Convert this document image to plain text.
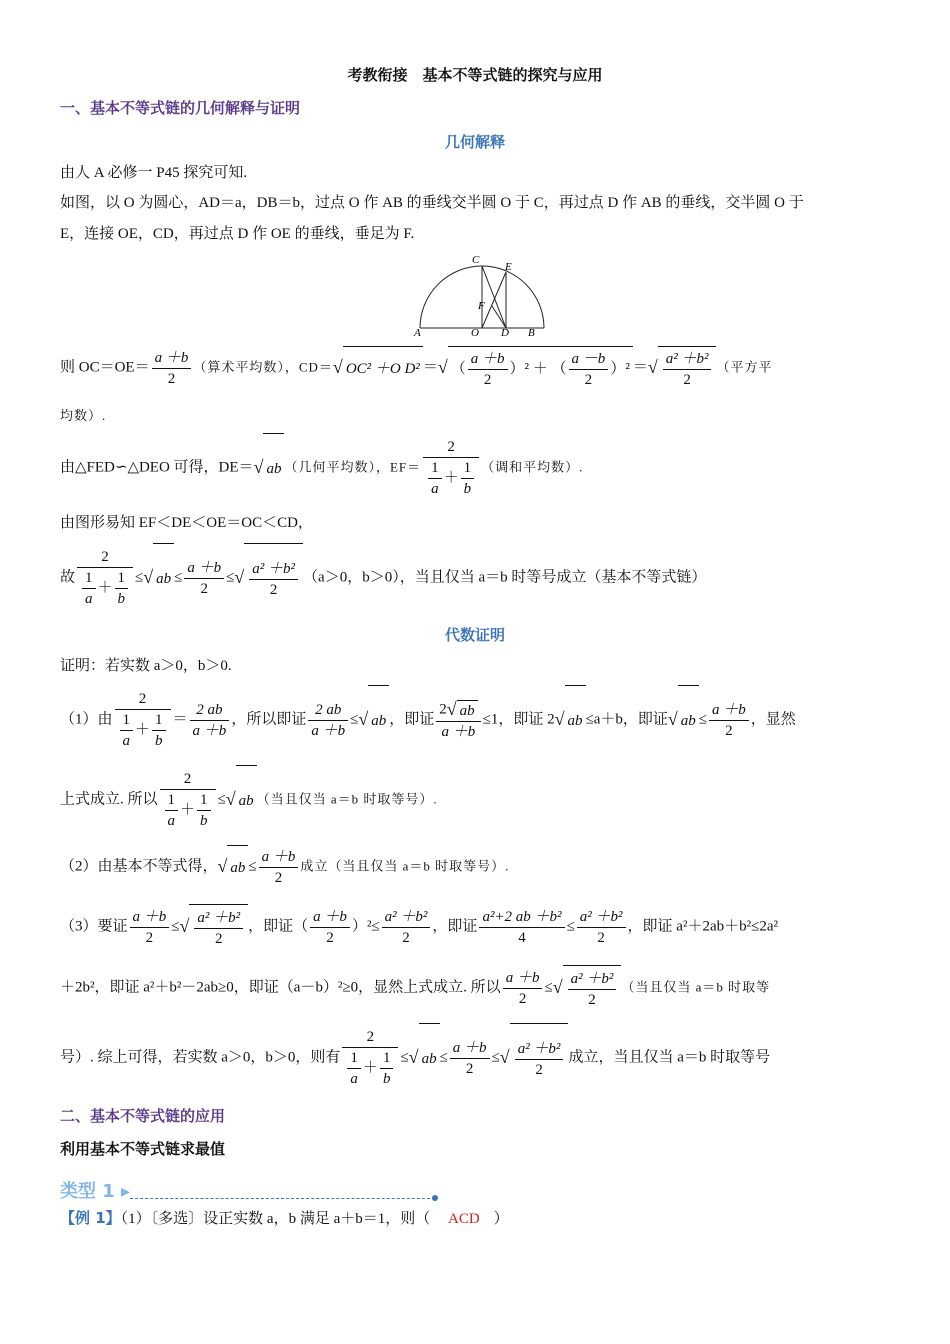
考教衔接　基本不等式链的探究与应用
一、基本不等式链的几何解释与证明
几何解释
由人 A 必修一 P45 探究可知.
如图，以 O 为圆心，AD＝a，DB＝b，过点 O 作 AB 的垂线交半圆 O 于 C，再过点 D 作 AB 的垂线，交半圆 O 于
E，连接 OE，CD，再过点 D 作 OE 的垂线，垂足为 F.
A	O D B
C
E
F
则 $OC=OE= \frac{a +b}{2}$ （算术平均数），CD＝√ OC² ＋O D² ＝√ （ $\frac{a +b}{2} )^2$ ＋ （ $\frac{a -b}{2} )^2$ ＝√ $\frac{\text{a² ＋b²}}{2}$ （平方平
均数）.
由△FED∽△DEO 可得，DE＝√ ab （几何平均数），$EF= \frac{2}{\frac{1}{a} + \frac{1}{b}}$ （调和平均数）.
由图形易知 EF＜DE＜OE＝OC＜CD，
故 $\frac{2}{\frac{1}{a} + \frac{1}{b}}$ ≤√ ab ≤ $\frac{a +b}{2}$ ≤√ $\frac{\text{a² ＋b²}}{2} (a>0$，b＞0），当且仅当 a＝b 时等号成立（基本不等式链）
代数证明
证明：若实数 a＞0，b＞0.
（1）由 $\frac{2}{\frac{1}{a} + \frac{1}{b}} = \frac{2 ab}{a +b}$ ，所以即证 $\frac{2 ab}{a +b}$ ≤√ ab ，即证 $\frac{2√ ab}{a +b} \le 1$，即证 2√ ab ≤a＋b，即证√ ab ≤ $\frac{a +b}{2}$ ，显然
上式成立. 所以 $\frac{2}{\frac{1}{a} + \frac{1}{b}}$ ≤√ ab （当且仅当 a＝b 时取等号）.
（2）由基本不等式得，√ ab ≤ $\frac{a +b}{2}$ 成立（当且仅当 a＝b 时取等号）.
（3）要证 $\frac{a +b}{2}$ ≤√ $\frac{\text{a² ＋b²}}{2}$ ，即证（ $\frac{a +b}{2} )^2\le \frac{\text{a² ＋b²}}{2}$ ，即证 $\frac{\text{a²+2 ab ＋b²}}{4} \le \frac{\text{a² ＋b²}}{2}$ ，即证 a²＋2ab＋b²≤2a²
＋2b²，即证 a²＋b²－2ab≥0，即证（a－b）²≥0，显然上式成立. 所以 $\frac{a +b}{2}$ ≤√ $\frac{\text{a² ＋b²}}{2}$ （当且仅当 a＝b 时取等
号）. 综上可得，若实数 a＞0，b＞0，则有 $\frac{2}{\frac{1}{a} + \frac{1}{b}}$ ≤√ ab ≤ $\frac{a +b}{2}$ ≤√ $\frac{\text{a² ＋b²}}{2}$ 成立，当且仅当 a＝b 时取等号
二、基本不等式链的应用
利用基本不等式链求最值
类型 1 ▸
【例 1】（1）〔多选〕设正实数 a，b 满足 a＋b＝1，则（ ACD ）
